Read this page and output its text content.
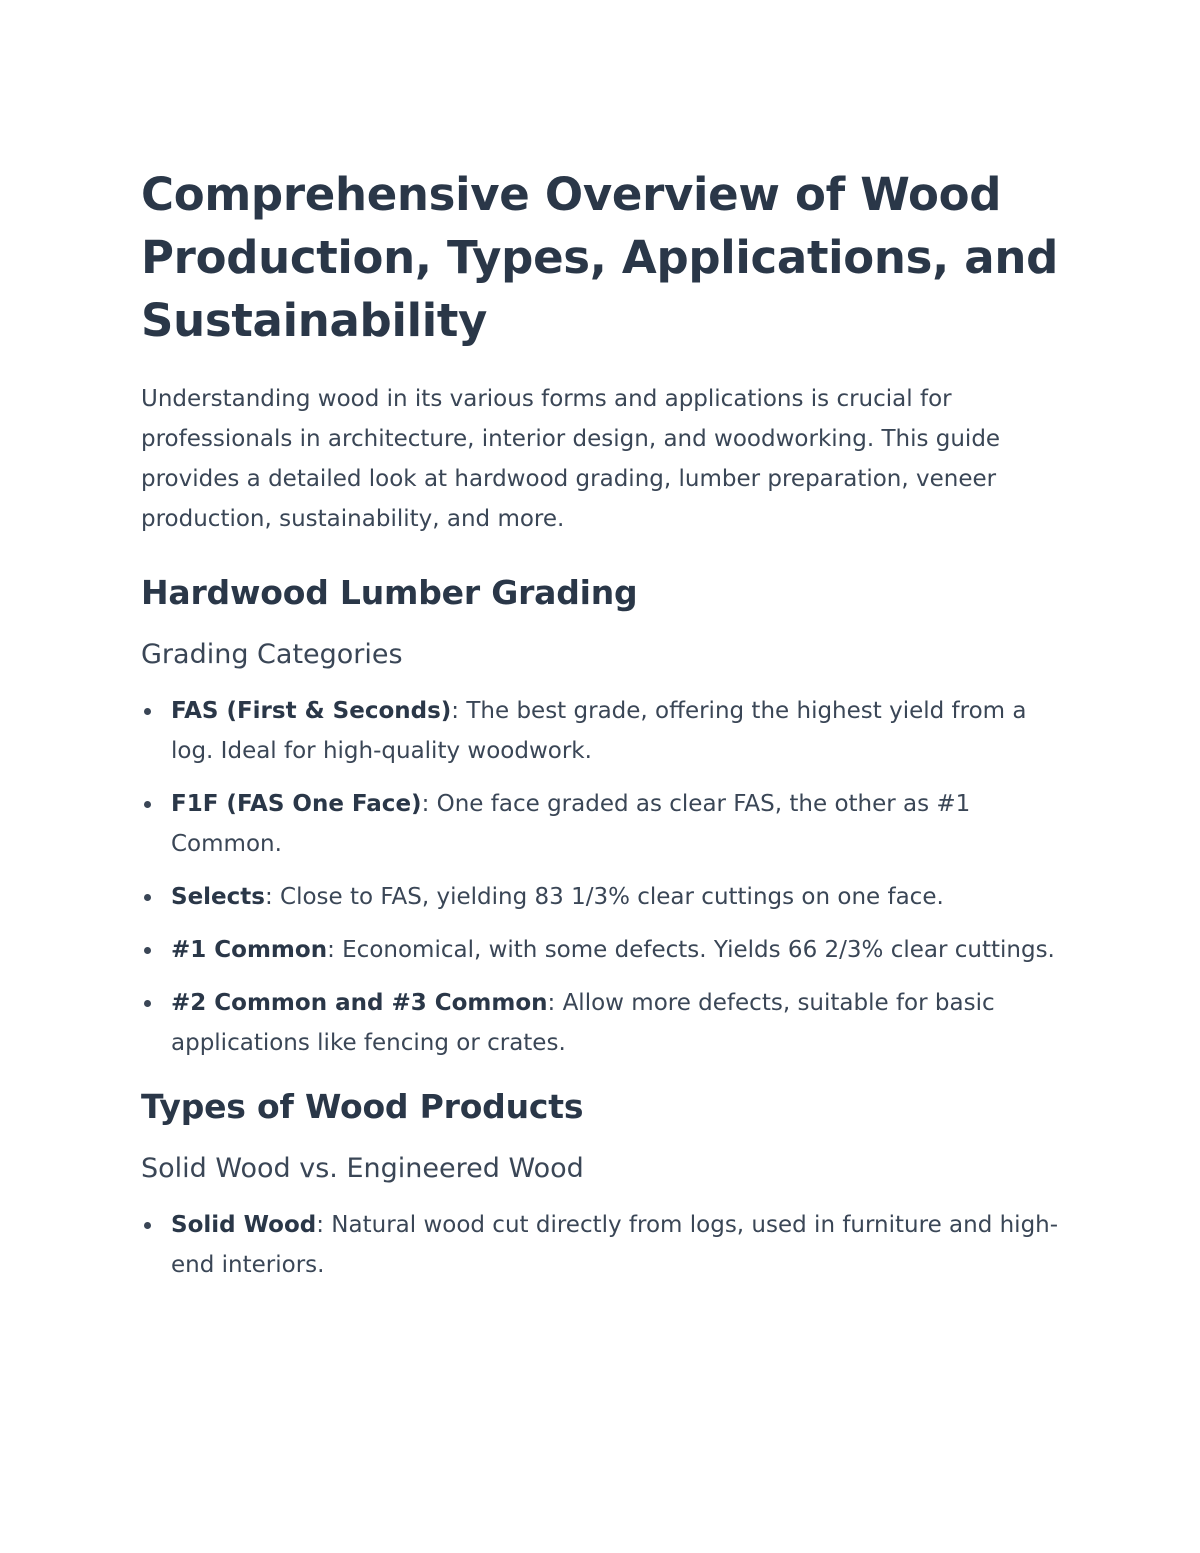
Comprehensive Overview of Wood Production, Types, Applications, and Sustainability

Understanding wood in its various forms and applications is crucial for professionals in architecture, interior design, and woodworking. This guide provides a detailed look at hardwood grading, lumber preparation, veneer production, sustainability, and more.

Hardwood Lumber Grading
Grading Categories
FAS (First & Seconds): The best grade, offering the highest yield from a log. Ideal for high-quality woodwork.
F1F (FAS One Face): One face graded as clear FAS, the other as #1 Common.
Selects: Close to FAS, yielding 83 1/3% clear cuttings on one face.
#1 Common: Economical, with some defects. Yields 66 2/3% clear cuttings.
#2 Common and #3 Common: Allow more defects, suitable for basic applications like fencing or crates.
Types of Wood Products
Solid Wood vs. Engineered Wood
Solid Wood: Natural wood cut directly from logs, used in furniture and high-end interiors.
